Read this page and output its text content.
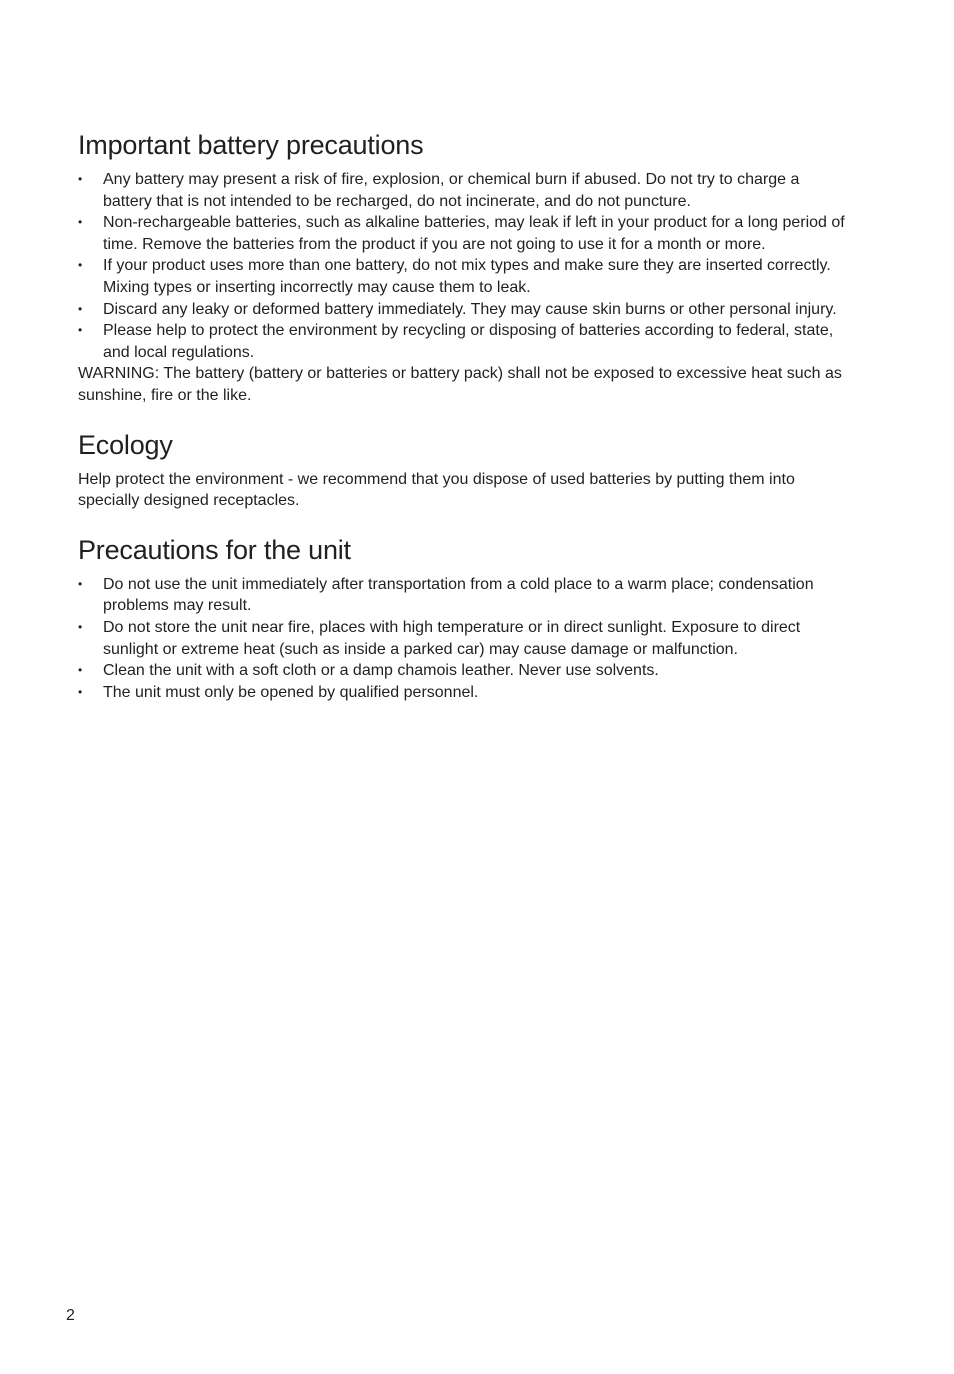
Important battery precautions
•	Any battery may present a risk of fire, explosion, or chemical burn if abused. Do not try to charge a battery that is not intended to be recharged, do not incinerate, and do not puncture.
•	Non-rechargeable batteries, such as alkaline batteries, may leak if left in your product for a long period of time. Remove the batteries from the product if you are not going to use it for a month or more.
•	If your product uses more than one battery, do not mix types and make sure they are inserted correctly. Mixing types or inserting incorrectly may cause them to leak.
•	Discard any leaky or deformed battery immediately. They may cause skin burns or other personal injury.
•	Please help to protect the environment by recycling or disposing of batteries according to federal, state, and local regulations.

WARNING: The battery (battery or batteries or battery pack) shall not be exposed to excessive heat such as sunshine, fire or the like.

Ecology

Help protect the environment - we recommend that you dispose of used batteries by putting them into specially designed receptacles.

Precautions for the unit
•	Do not use the unit immediately after transportation from a cold place to a warm place; condensation problems may result.
•	Do not store the unit near fire, places with high temperature or in direct sunlight. Exposure to direct sunlight or extreme heat (such as inside a parked car) may cause damage or malfunction.
•	Clean the unit with a soft cloth or a damp chamois leather. Never use solvents.
•	The unit must only be opened by qualified personnel.
2
